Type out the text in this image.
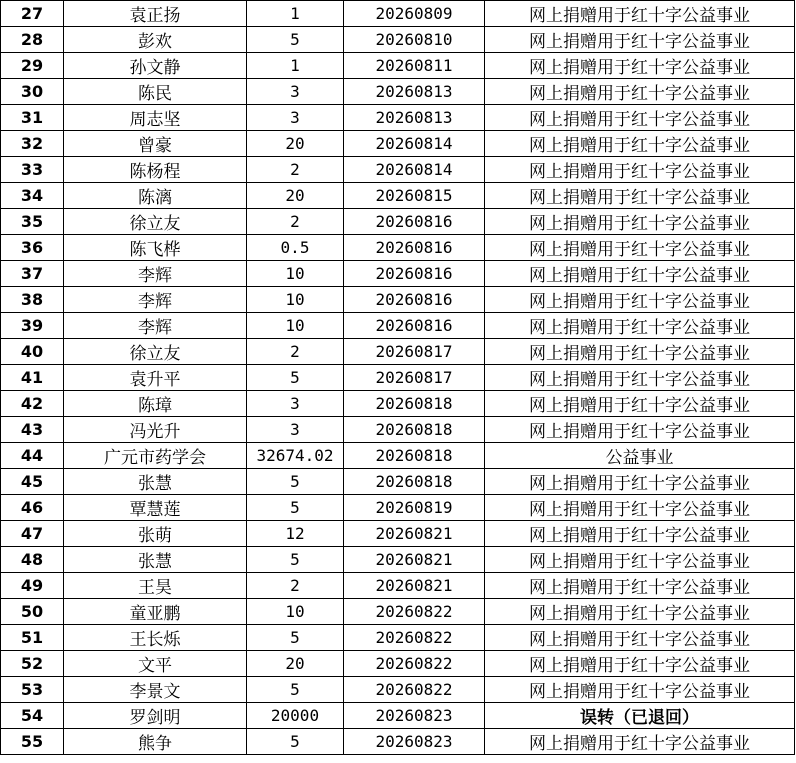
27	袁正扬	1	20260809	网上捐赠用于红十字公益事业
28	彭欢	5	20260810	网上捐赠用于红十字公益事业
29	孙文静	1	20260811	网上捐赠用于红十字公益事业
30	陈民	3	20260813	网上捐赠用于红十字公益事业
31	周志坚	3	20260813	网上捐赠用于红十字公益事业
32	曾豪	20	20260814	网上捐赠用于红十字公益事业
33	陈杨程	2	20260814	网上捐赠用于红十字公益事业
34	陈漓	20	20260815	网上捐赠用于红十字公益事业
35	徐立友	2	20260816	网上捐赠用于红十字公益事业
36	陈飞桦	0.5	20260816	网上捐赠用于红十字公益事业
37	李辉	10	20260816	网上捐赠用于红十字公益事业
38	李辉	10	20260816	网上捐赠用于红十字公益事业
39	李辉	10	20260816	网上捐赠用于红十字公益事业
40	徐立友	2	20260817	网上捐赠用于红十字公益事业
41	袁升平	5	20260817	网上捐赠用于红十字公益事业
42	陈璋	3	20260818	网上捐赠用于红十字公益事业
43	冯光升	3	20260818	网上捐赠用于红十字公益事业
44	广元市药学会	32674.02	20260818	公益事业
45	张慧	5	20260818	网上捐赠用于红十字公益事业
46	覃慧莲	5	20260819	网上捐赠用于红十字公益事业
47	张萌	12	20260821	网上捐赠用于红十字公益事业
48	张慧	5	20260821	网上捐赠用于红十字公益事业
49	王昊	2	20260821	网上捐赠用于红十字公益事业
50	童亚鹏	10	20260822	网上捐赠用于红十字公益事业
51	王长烁	5	20260822	网上捐赠用于红十字公益事业
52	文平	20	20260822	网上捐赠用于红十字公益事业
53	李景文	5	20260822	网上捐赠用于红十字公益事业
54	罗剑明	20000	20260823	误转（已退回）
55	熊争	5	20260823	网上捐赠用于红十字公益事业
